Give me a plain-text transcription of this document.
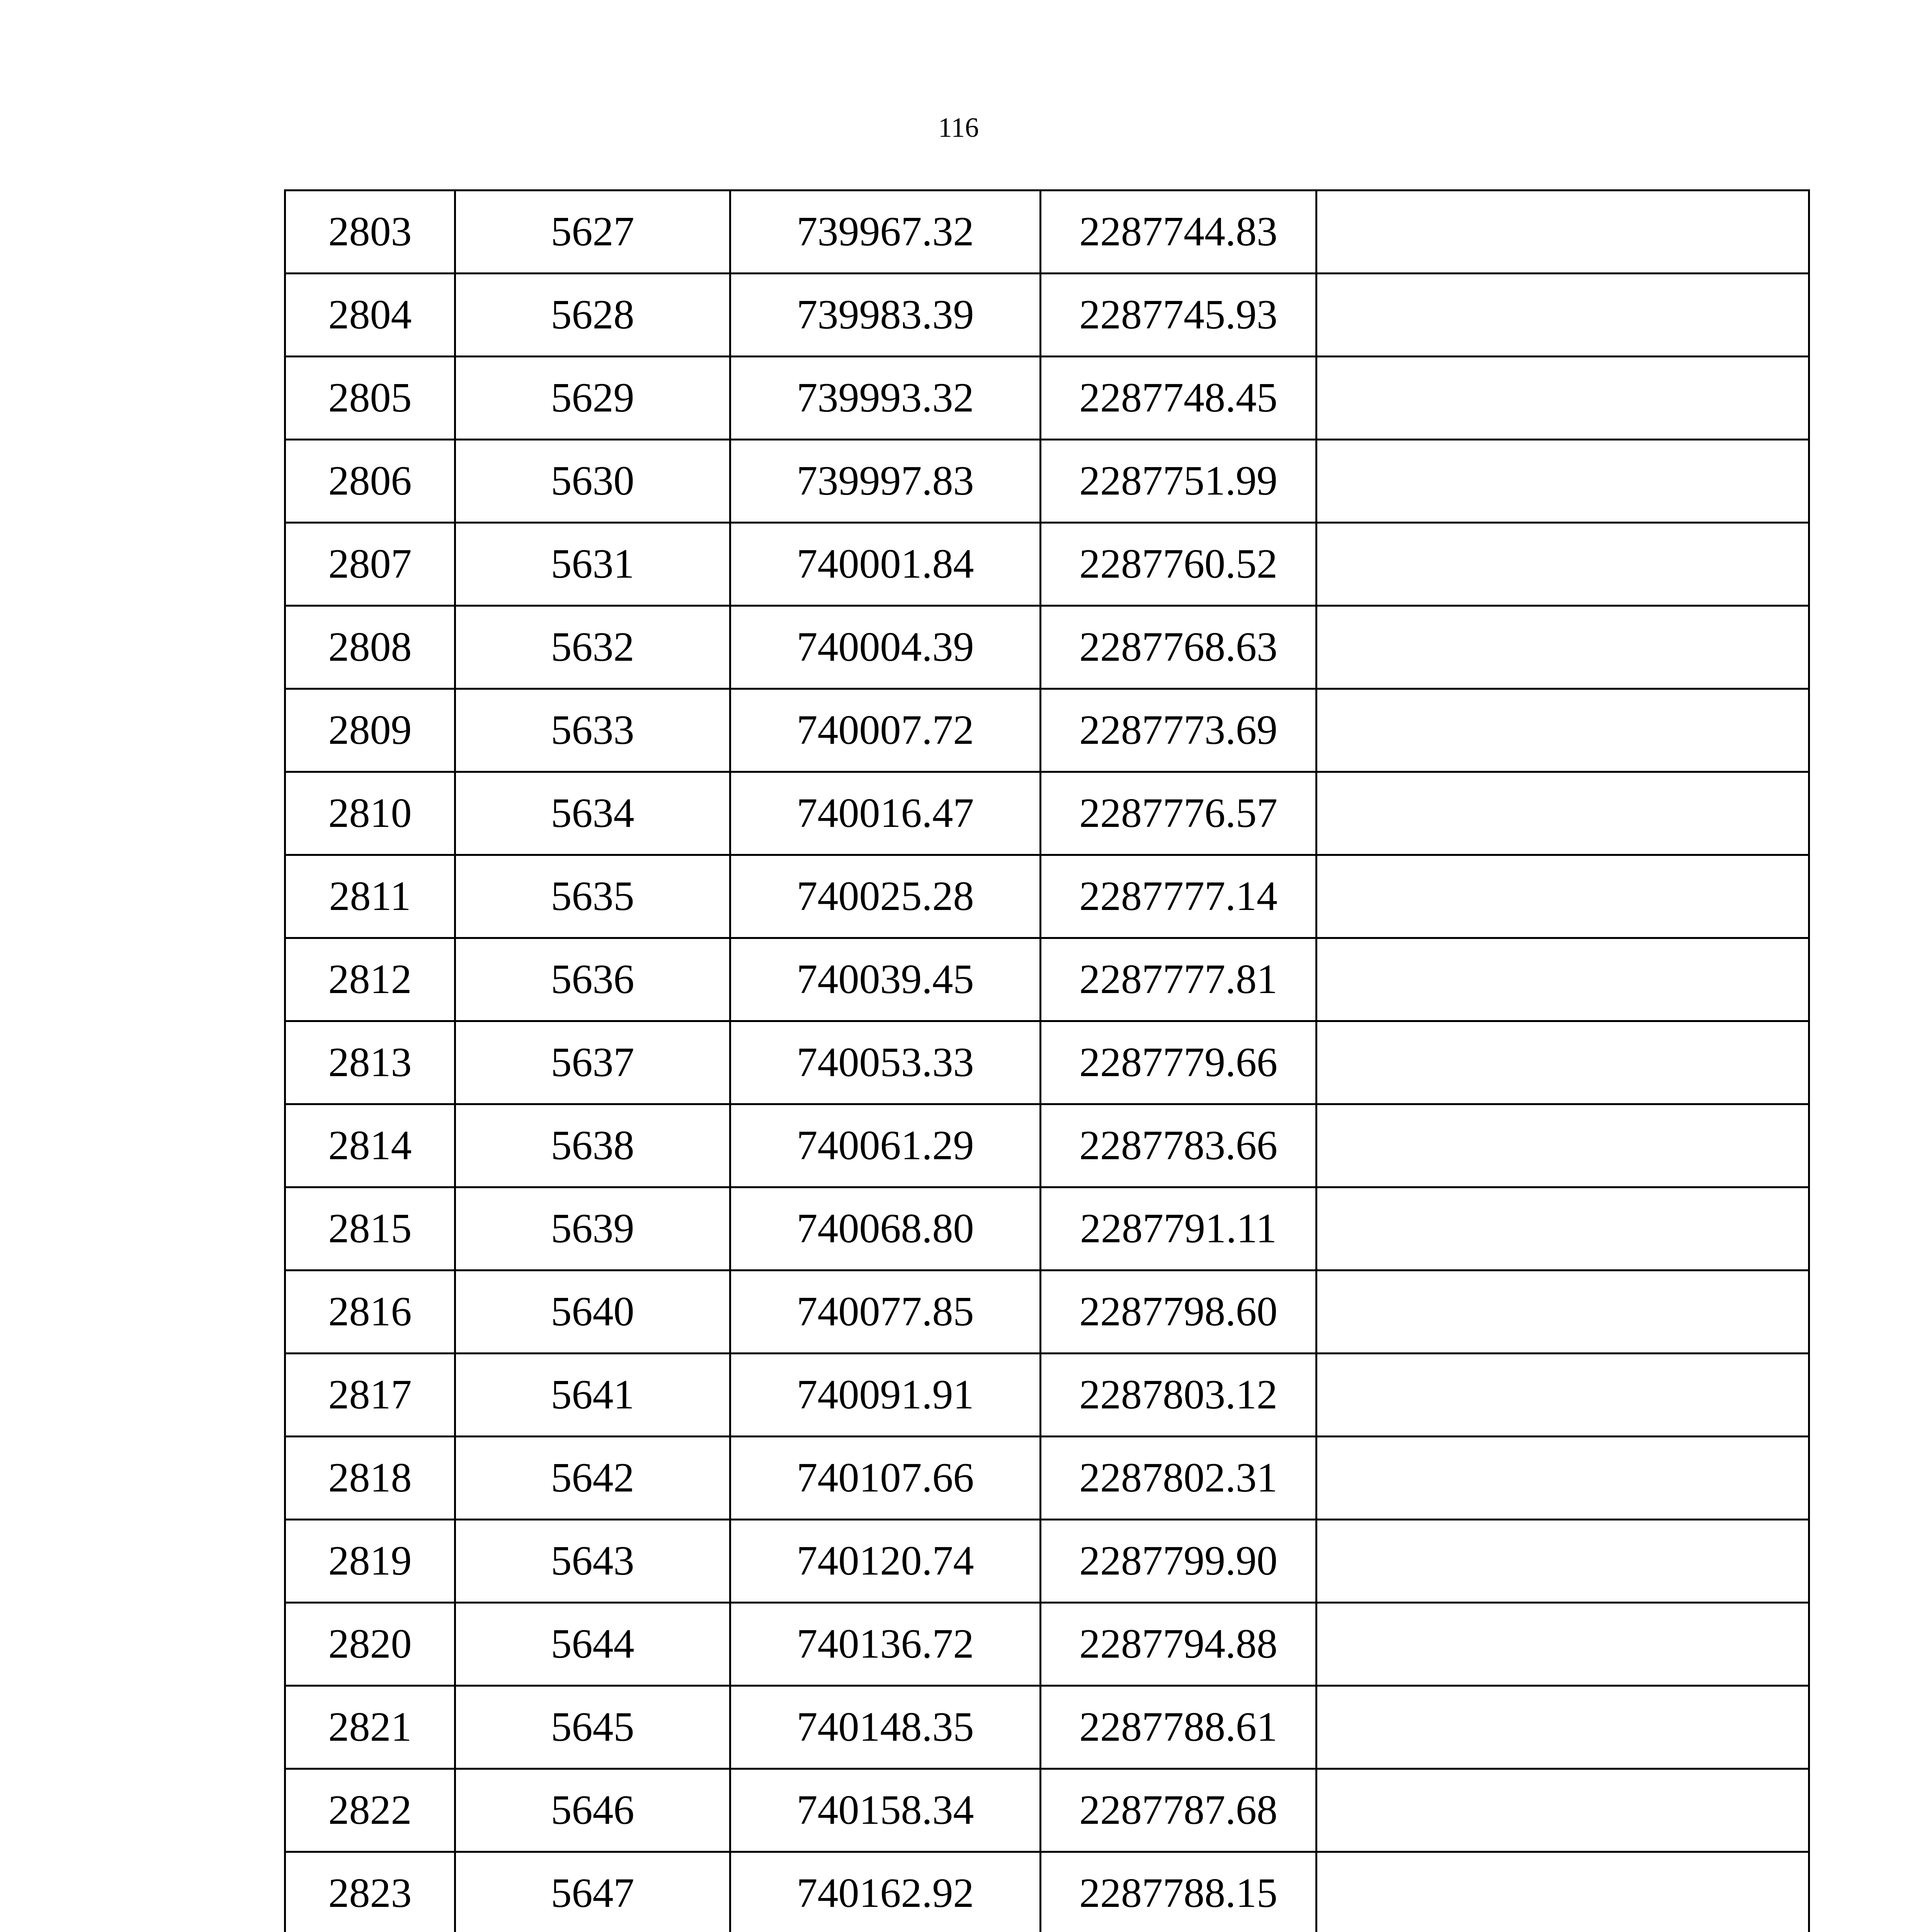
116
2803	5627	739967.32	2287744.83	
2804	5628	739983.39	2287745.93	
2805	5629	739993.32	2287748.45	
2806	5630	739997.83	2287751.99	
2807	5631	740001.84	2287760.52	
2808	5632	740004.39	2287768.63	
2809	5633	740007.72	2287773.69	
2810	5634	740016.47	2287776.57	
2811	5635	740025.28	2287777.14	
2812	5636	740039.45	2287777.81	
2813	5637	740053.33	2287779.66	
2814	5638	740061.29	2287783.66	
2815	5639	740068.80	2287791.11	
2816	5640	740077.85	2287798.60	
2817	5641	740091.91	2287803.12	
2818	5642	740107.66	2287802.31	
2819	5643	740120.74	2287799.90	
2820	5644	740136.72	2287794.88	
2821	5645	740148.35	2287788.61	
2822	5646	740158.34	2287787.68	
2823	5647	740162.92	2287788.15	
